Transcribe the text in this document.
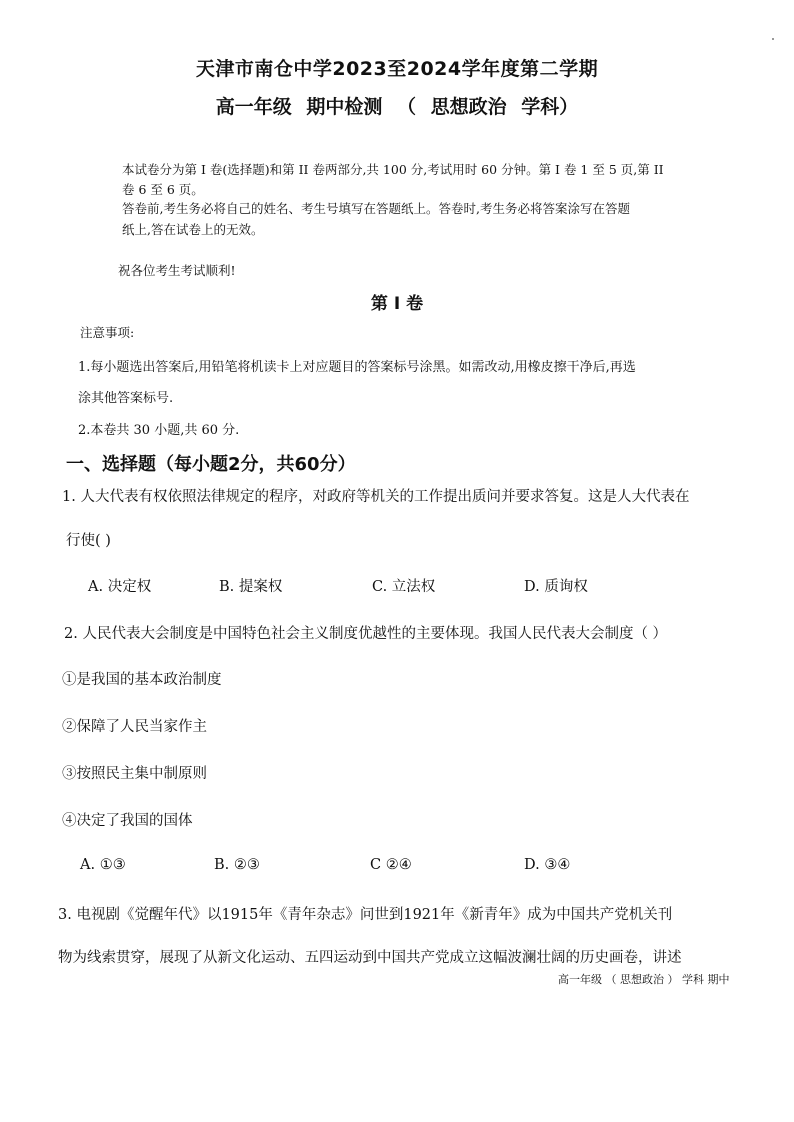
天津市南仓中学2023至2024学年度第二学期
高一年级 期中检测 （ 思想政治 学科）
本试卷分为第 I 卷(选择题)和第 II 卷两部分,共 100 分,考试用时 60 分钟。第 I 卷 1 至 5 页,第 II
卷 6 至 6 页。
答卷前,考生务必将自己的姓名、考生号填写在答题纸上。答卷时,考生务必将答案涂写在答题
纸上,答在试卷上的无效。
祝各位考生考试顺利!
第 I 卷
注意事项:
1.每小题选出答案后,用铅笔将机读卡上对应题目的答案标号涂黑。如需改动,用橡皮擦干净后,再选
涂其他答案标号.
2.本卷共 30 小题,共 60 分.
一、选择题（每小题2分，共60分）
1. 人大代表有权依照法律规定的程序，对政府等机关的工作提出质问并要求答复。这是人大代表在
行使( )
A. 决定权	B. 提案权	C. 立法权	D. 质询权
2. 人民代表大会制度是中国特色社会主义制度优越性的主要体现。我国人民代表大会制度（ ）
①是我国的基本政治制度
②保障了人民当家作主
③按照民主集中制原则
④决定了我国的国体
A. ①③	B. ②③	C ②④	D. ③④
3. 电视剧《觉醒年代》以1915年《青年杂志》问世到1921年《新青年》成为中国共产党机关刊
物为线索贯穿，展现了从新文化运动、五四运动到中国共产党成立这幅波澜壮阔的历史画卷，讲述
高一年级 （ 思想政治 ） 学科 期中
